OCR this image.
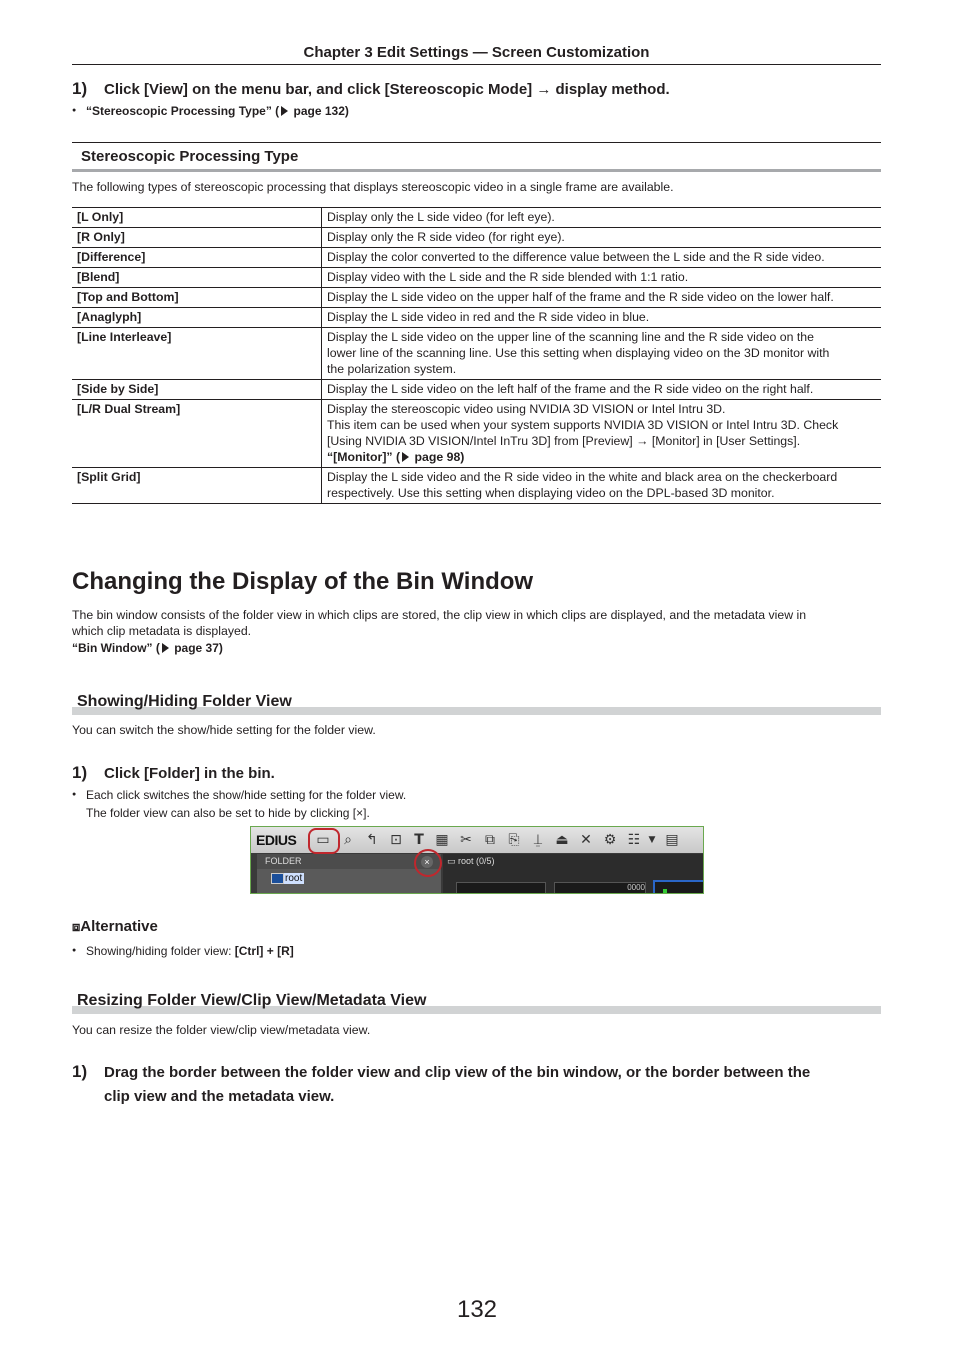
Chapter 3 Edit Settings — Screen Customization
1) Click [View] on the menu bar, and click [Stereoscopic Mode] → display method.
● “Stereoscopic Processing Type” ( page 132)
Stereoscopic Processing Type
The following types of stereoscopic processing that displays stereoscopic video in a single frame are available.
[L Only]	Display only the L side video (for left eye).

[R Only]	Display only the R side video (for right eye).

[Difference]	Display the color converted to the difference value between the L side and the R side video.

[Blend]	Display video with the L side and the R side blended with 1:1 ratio.

[Top and Bottom]	Display the L side video on the upper half of the frame and the R side video on the lower half.

[Anaglyph]	Display the L side video in red and the R side video in blue.

[Line Interleave]	Display the L side video on the upper line of the scanning line and the R side video on the
lower line of the scanning line. Use this setting when displaying video on the 3D monitor with
the polarization system.

[Side by Side]	Display the L side video on the left half of the frame and the R side video on the right half.

[L/R Dual Stream]	Display the stereoscopic video using NVIDIA 3D VISION or Intel Intru 3D.
This item can be used when your system supports NVIDIA 3D VISION or Intel Intru 3D. Check
[Using NVIDIA 3D VISION/Intel InTru 3D] from [Preview] → [Monitor] in [User Settings].
“[Monitor]” ( page 98)

[Split Grid]	Display the L side video and the R side video in the white and black area on the checkerboard
respectively. Use this setting when displaying video on the DPL-based 3D monitor.
Changing the Display of the Bin Window
The bin window consists of the folder view in which clips are stored, the clip view in which clips are displayed, and the metadata view in
which clip metadata is displayed.
“Bin Window” ( page 37)
Showing/Hiding Folder View
You can switch the show/hide setting for the folder view.
1) Click [Folder] in the bin.
● Each click switches the show/hide setting for the folder view.
The folder view can also be set to hide by clicking [×].
EDIUS ▭	⌕	↰ ⊡ T ▦ ✂ ⧉ ⎘	⍊ ⏏ ✕ ⚙ ☷ ▼ ▤
FOLDER
root
×	▭ root (0/5)
0000
⧈Alternative
● Showing/hiding folder view: [Ctrl] + [R]
Resizing Folder View/Clip View/Metadata View
You can resize the folder view/clip view/metadata view.
1) Drag the border between the folder view and clip view of the bin window, or the border between the
clip view and the metadata view.
132
